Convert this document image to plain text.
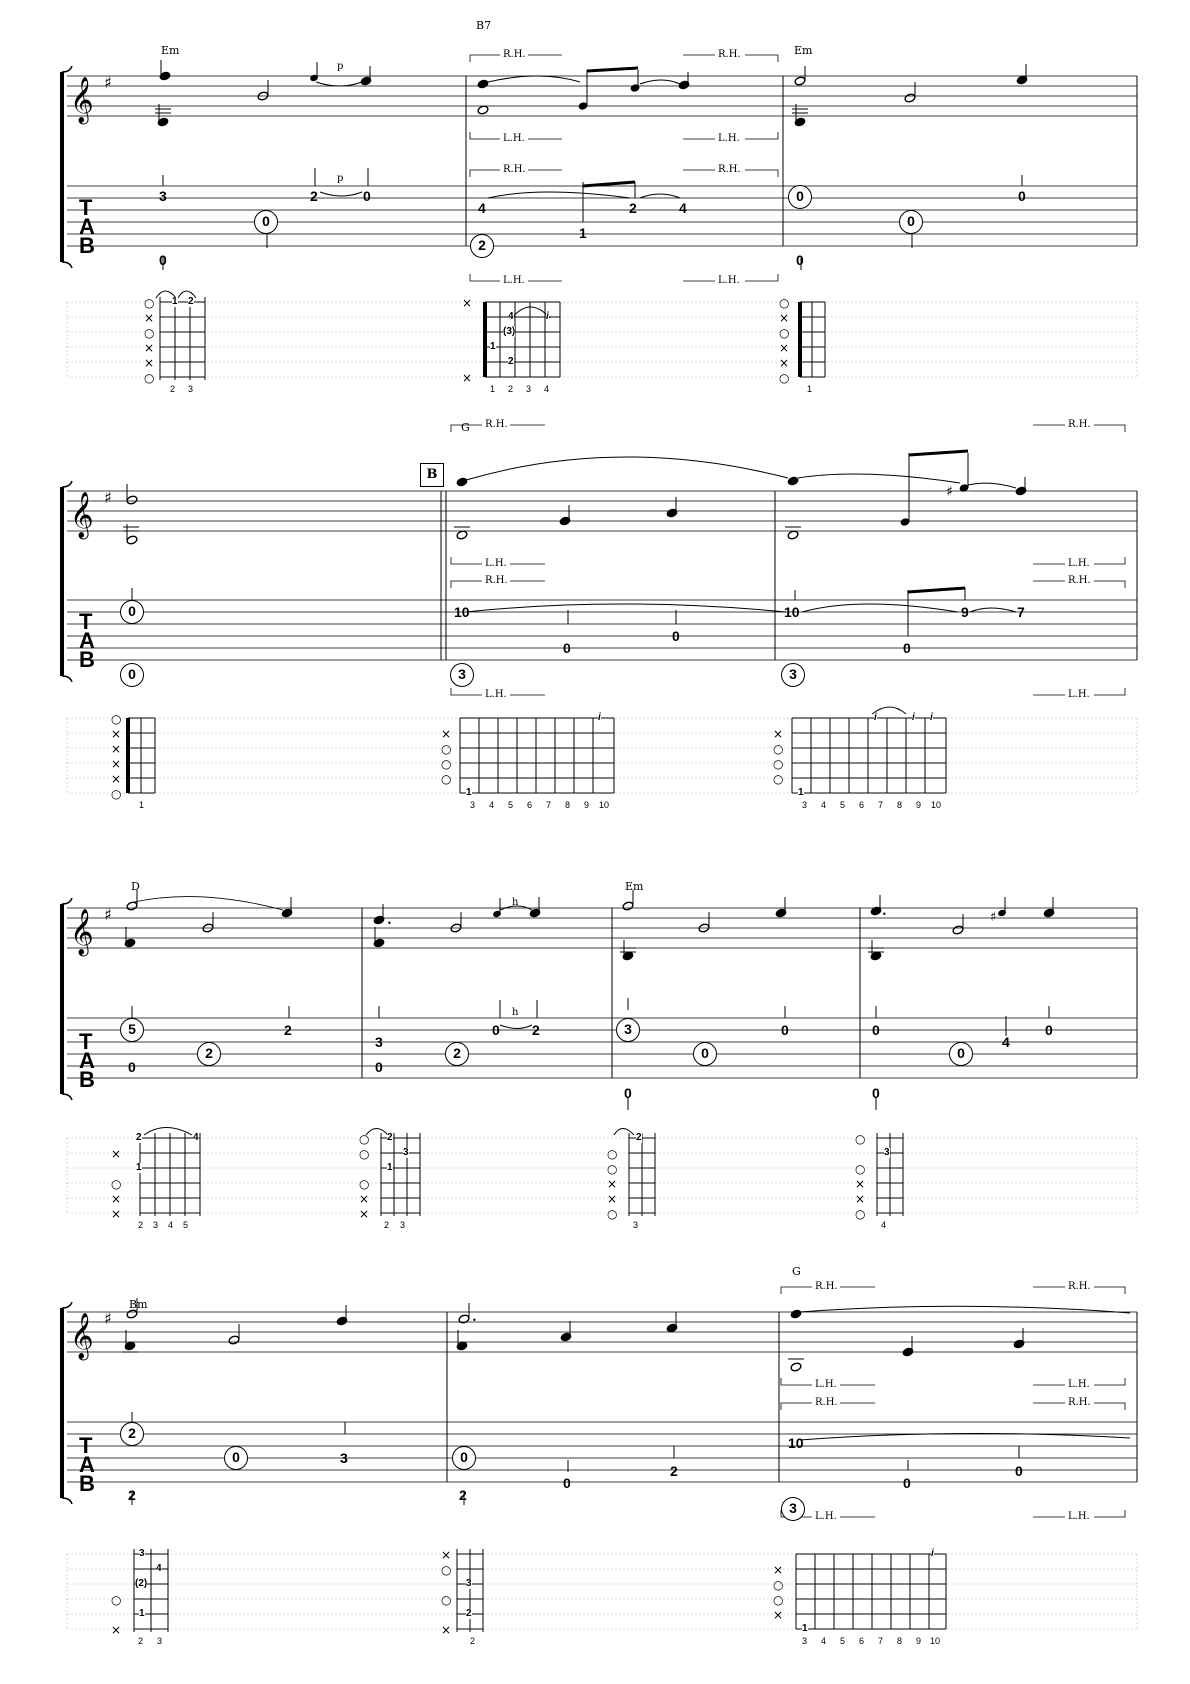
𝄞 ♯
Em
B7
Em
p
p
R.H.	R.H.
L.H.	L.H.
R.H.	R.H.
L.H.	L.H.
T
A
B
3	2	0
0
0
4
1
2	4
2
0
0
0
0
2 3	1 2 3 4	1
1 2
4
(3)
1
2
i
○
×
○
×
×
○
×
×
○
×
○
×
×
○
𝄞 ♯	♯
B
G R.H.	R.H.
L.H.	L.H.
R.H.	R.H.
L.H.	L.H.
T
A
B
0
0
10
0
0
3
10
0
9	7
3
1	3 4 5 6 7 8 9 10	3 4 5 6 7 8 9 10
1
i
1
i	i i
○
×
×
×
×
○
×
○
○
○
×
○
○
○
𝄞 ♯	•
•	♯
D	Em
h
h
T
A
B
5
2
2
0
3
2
0 2
0
3
0
0
0
0
0
4
0
0
2 3 4 5	2 3	3	4
2	4
1
2
3
1
2
3
×
○
×
×
○
○
○
×
×
○
○
×
×
○
○
○
×
×
○
𝄞 ♯	•
Bm
G
R.H.	R.H.
L.H.	L.H.
R.H.	R.H.
L.H.	L.H.
T
A
B
2
0	3
2
0
0
2
2
10
0
0
3
2 3	2	3 4 5 6 7 8 9 10
3
4
(2)
1
3
2
1
i
○
×
×
○
○
×
×
○
○
×
